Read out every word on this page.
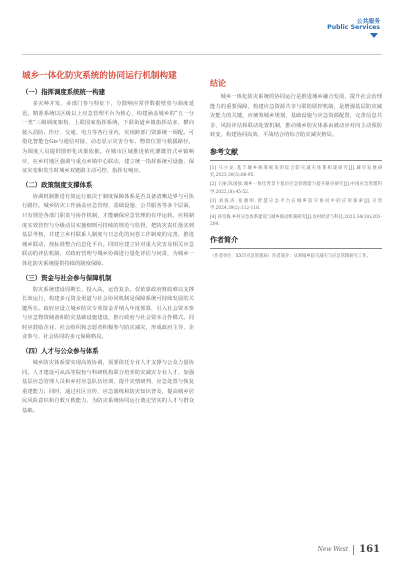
公共服务
Public Services
城乡一体化防灾系统的协同运行机制构建
（一）指挥调度系统统一构建

多灾种并发、多部门参与特征下，分散响应常伴数据壁垒与调度延迟。精准系统以区级以上应急管理平台为核心，构建涵盖城乡的“五一分一类”三级调度架构，上联国家指挥系统，下联街道乡镇指挥站多，横向接入消防、医疗、交通、电力等各行业内，实现跨部门资源统一调配。可借化智能仓Gis与通信对接，动态显示灾害分布、物资位置与救援路径，为调度人员提供图形化决策依据。在城市区域推进依托灌溉管式乡镇响应，在乡村地区强调与重点乡镇中心联动，建立统一指挥系统可设施、保证灾变和发生时城乡双链路主动可控、指挥有响应。

（二）政策制度支撑体系

协调机制推进有效运行取决于制度保障体系是否具备清晰边界与可执行路径。城乡防灾工作涵盖应急管理、基础设施、公共服务等多个层面，只有规范各部门职责与协作机制，才能确保应急管理的有序运转。应将制度实效管控与分级动员实施细则可持续的规范与监督，把防灾责任落实到基层考核，并建立乡村联系人制度与日志化的问卷工作制度的完善，推进城乡联动、按标准整合信息化平台。同时应建立针对重大灾害及相关应急联动的评估机制，对政府管理与城乡协调进行量化评估与问责，为城乡一体化防灾系统提供持续的制度保障。

（三）资金与社会参与保障机制

防灾系统建设周期长、投入高，运营复杂。仅依靠政府财政难以支撑长效运行，构建多元资金渠道与社会协同机制是保障系统可持续发展的关键所在。政府应设立城乡防灾专项资金并纳入年度预算，引入社会资本参与应急物资储备和防灾基础设施建设，推行政府与社会资本合作模式。同时应鼓励企业、社会组织和志愿者积极参与防灾减灾，形成政府主导、企业参与、社会协同的多元保障格局。

（四）人才与公众参与体系

城乡防灾体系要实现高效协调，需要依托专业人才支撑与公众力量协同。人才建设可从高等院校与科研机构联合培养防灾减灾专业人才，加强基层应急管理人员和乡村应急队伍培训，提升灾情研判、应急处置与恢复重建能力；同时，通过社区宣传、应急演练和防灾知识普及，提高城乡居民风险意识和自救互救能力，为防灾系统协同运行奠定坚实的人才与群众基础。

结论

城乡一体化防灾系统的协同运行是推进城乡融合发展、提升社会治理能力的重要保障，构建应急资源共享与联防联控机制，是增强基层防灾减灾能力的关键，应统筹城乡规划、基础设施与应急资源配置，完善信息共享、风险评估和联动处置机制，推动城乡防灾体系由被动应对向主动预防转变，构建协同高效、平战结合的综合防灾减灾格局。

参考文献

[1] 马小龙.基于城乡统筹视角的综合防灾减灾体系构建研究[J].城市发展研究,2023,30(5):88-95.

[2] 王丽,陈国强.城乡一体化背景下基层应急管理能力提升路径研究[J].中国应急管理科学,2022,(8):45-52.

[3] 刘海涛,张晓明.智慧应急平台在城乡防灾协同中的应用探索[J].灾害学,2024,39(2):112-118.

[4] 孙雪梅.乡村应急体系建设与城乡联动机制研究[J].农村经济与科技,2023,34(10):201-204.

作者简介

（作者单位：XX市应急管理局）作者简介：从事城乡防灾减灾与应急管理研究工作。

New West 161
